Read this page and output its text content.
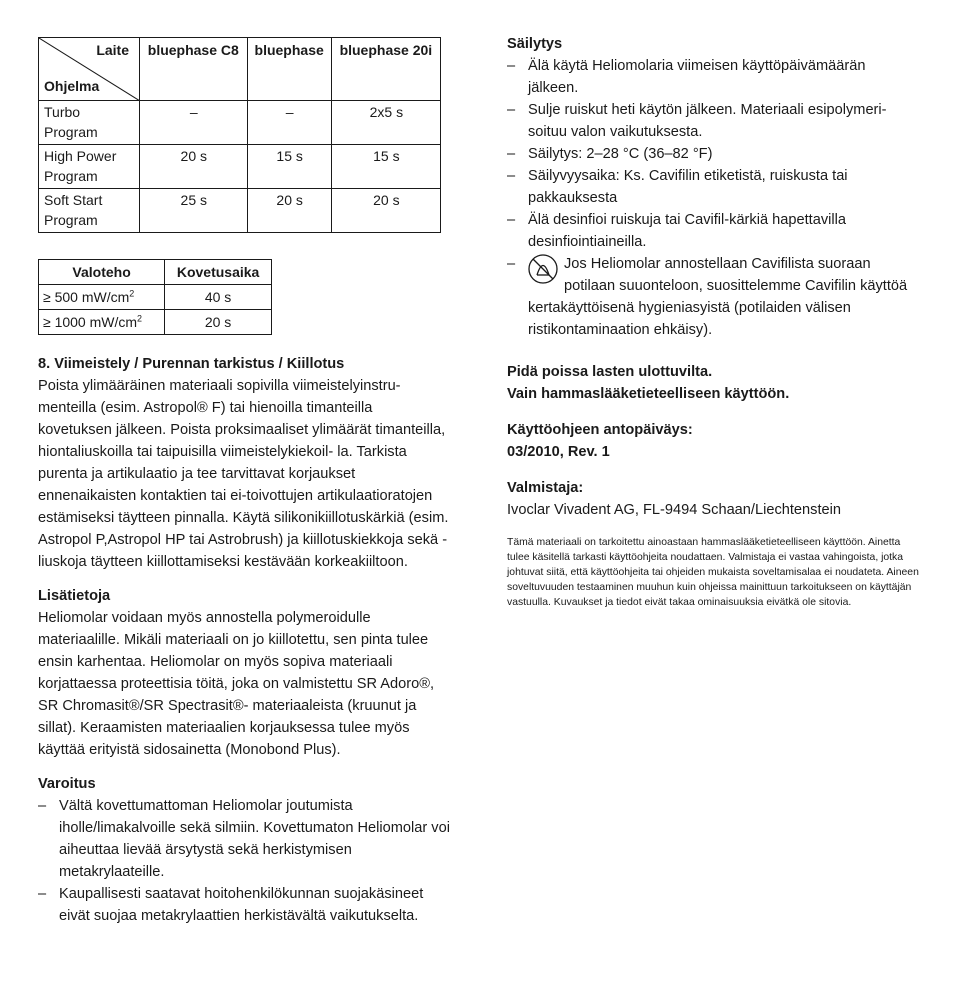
Laite
Ohjelma	bluephase C8	bluephase	bluephase 20i
Turbo Program	–	–	2x5 s
High Power Program	20 s	15 s	15 s
Soft Start Program	25 s	20 s	20 s
Valoteho	Kovetusaika
≥ 500 $mW/cm^2$	40 s
≥ 1000 $mW/cm^2$	20 s
8. Viimeistely / Purennan tarkistus / Kiillotus

Poista ylimääräinen materiaali sopivilla viimeistelyinstru- menteilla (esim. Astropol® F) tai hienoilla timanteilla kovetuksen jälkeen. Poista proksimaaliset ylimäärät timanteilla, hiontaliuskoilla tai taipuisilla viimeistelykiekoil- la. Tarkista purenta ja artikulaatio ja tee tarvittavat korjaukset ennenaikaisten kontaktien tai ei-toivottujen artikulaatioratojen estämiseksi täytteen pinnalla. Käytä silikonikiillotuskärkiä (esim. Astropol P,Astropol HP tai Astrobrush) ja kiillotuskiekkoja sekä -liuskoja täytteen kiillottamiseksi kestävään korkeakiiltoon.

Lisätietoja

Heliomolar voidaan myös annostella polymeroidulle materiaalille. Mikäli materiaali on jo kiillotettu, sen pinta tulee ensin karhentaa. Heliomolar on myös sopiva materiaali korjattaessa proteettisia töitä, joka on valmistettu SR Adoro®, SR Chromasit®/SR Spectrasit®- materiaaleista (kruunut ja sillat). Keraamisten materiaalien korjauksessa tulee myös käyttää erityistä sidosainetta (Monobond Plus).

Varoitus
– Vältä kovettumattoman Heliomolar joutumista iholle/limakalvoille sekä silmiin. Kovettumaton Heliomolar voi aiheuttaa lievää ärsytystä sekä herkistymisen metakrylaateille.
– Kaupallisesti saatavat hoitohenkilökunnan suojakäsineet eivät suojaa metakrylaattien herkistävältä vaikutukselta.
Säilytys
– Älä käytä Heliomolaria viimeisen käyttöpäivämäärän jälkeen.
– Sulje ruiskut heti käytön jälkeen. Materiaali esipolymeri- soituu valon vaikutuksesta.
– Säilytys: 2–28 °C (36–82 °F)
– Säilyvyysaika: Ks. Cavifilin etiketistä, ruiskusta tai pakkauksesta
– Älä desinfioi ruiskuja tai Cavifil-kärkiä hapettavilla desinfiointiaineilla.
– Jos Heliomolar annostellaan Cavifilista suoraan potilaan suuonteloon, suosittelemme Cavifilin käyttöä kertakäyttöisenä hygieniasyistä (potilaiden välisen ristikontaminaation ehkäisy).

Pidä poissa lasten ulottuvilta.

Vain hammaslääketieteelliseen käyttöön.

Käyttöohjeen antopäiväys:

03/2010, Rev. 1

Valmistaja:

Ivoclar Vivadent AG, FL-9494 Schaan/Liechtenstein

Tämä materiaali on tarkoitettu ainoastaan hammaslääketieteelliseen käyttöön. Ainetta tulee käsitellä tarkasti käyttöohjeita noudattaen. Valmistaja ei vastaa vahingoista, jotka johtuvat siitä, että käyttöohjeita tai ohjeiden mukaista soveltamisalaa ei noudateta. Aineen soveltuvuuden testaaminen muuhun kuin ohjeissa mainittuun tarkoitukseen on käyttäjän vastuulla. Kuvaukset ja tiedot eivät takaa ominaisuuksia eivätkä ole sitovia.
